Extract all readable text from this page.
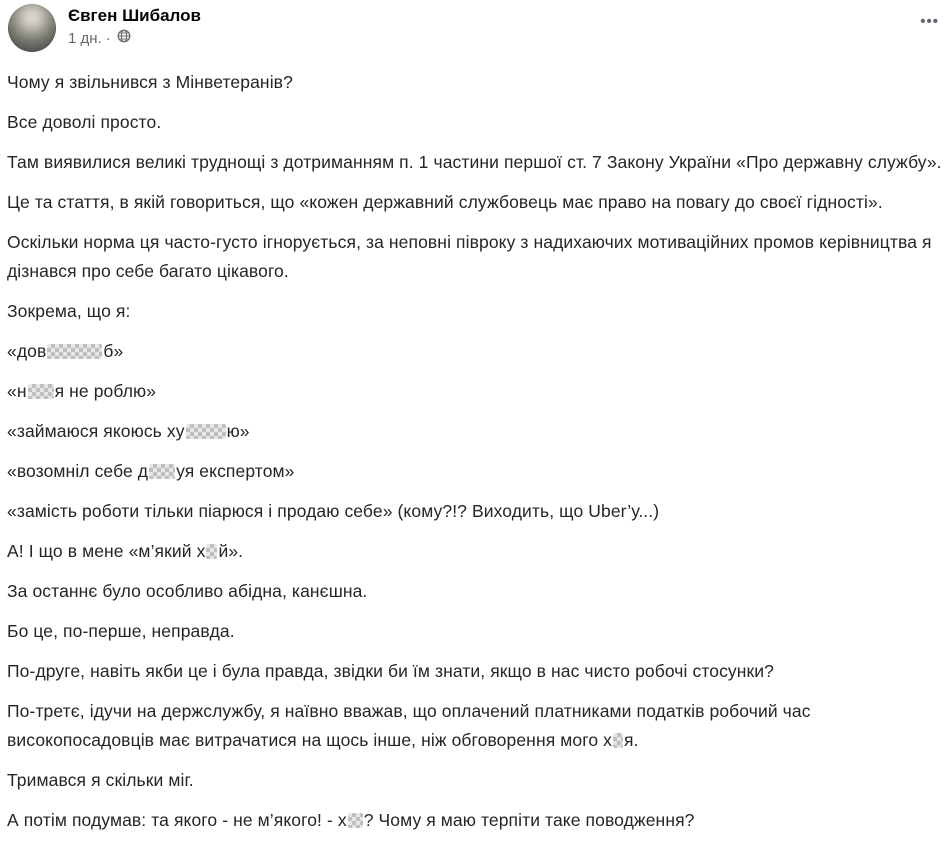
Євген Шибалов
1 дн. ·
•••

Чому я звільнився з Мінветеранів?

Все доволі просто.

Там виявилися великі труднощі з дотриманням п. 1 частини першої ст. 7 Закону України «Про державну службу».

Це та стаття, в якій говориться, що «кожен державний службовець має право на повагу до своєї гідності».

Оскільки норма ця часто-густо ігнорується, за неповні півроку з надихаючих мотиваційних промов керівництва я дізнався про себе багато цікавого.

Зокрема, що я:

«дов	б»

«н я не роблю»

«займаюся якоюсь ху ю»

«возомніл себе д уя експертом»

«замість роботи тільки піарюся і продаю себе» (кому?!? Виходить, що Uber’у...)

А! І що в мене «м’який х й».

За останнє було особливо абідна, канєшна.

Бо це, по-перше, неправда.

По-друге, навіть якби це і була правда, звідки би їм знати, якщо в нас чисто робочі стосунки?

По-третє, ідучи на держслужбу, я наївно вважав, що оплачений платниками податків робочий час високопосадовців має витрачатися на щось інше, ніж обговорення мого х я.

Тримався я скільки міг.

А потім подумав: та якого - не м’якого! - х ? Чому я маю терпіти таке поводження?
